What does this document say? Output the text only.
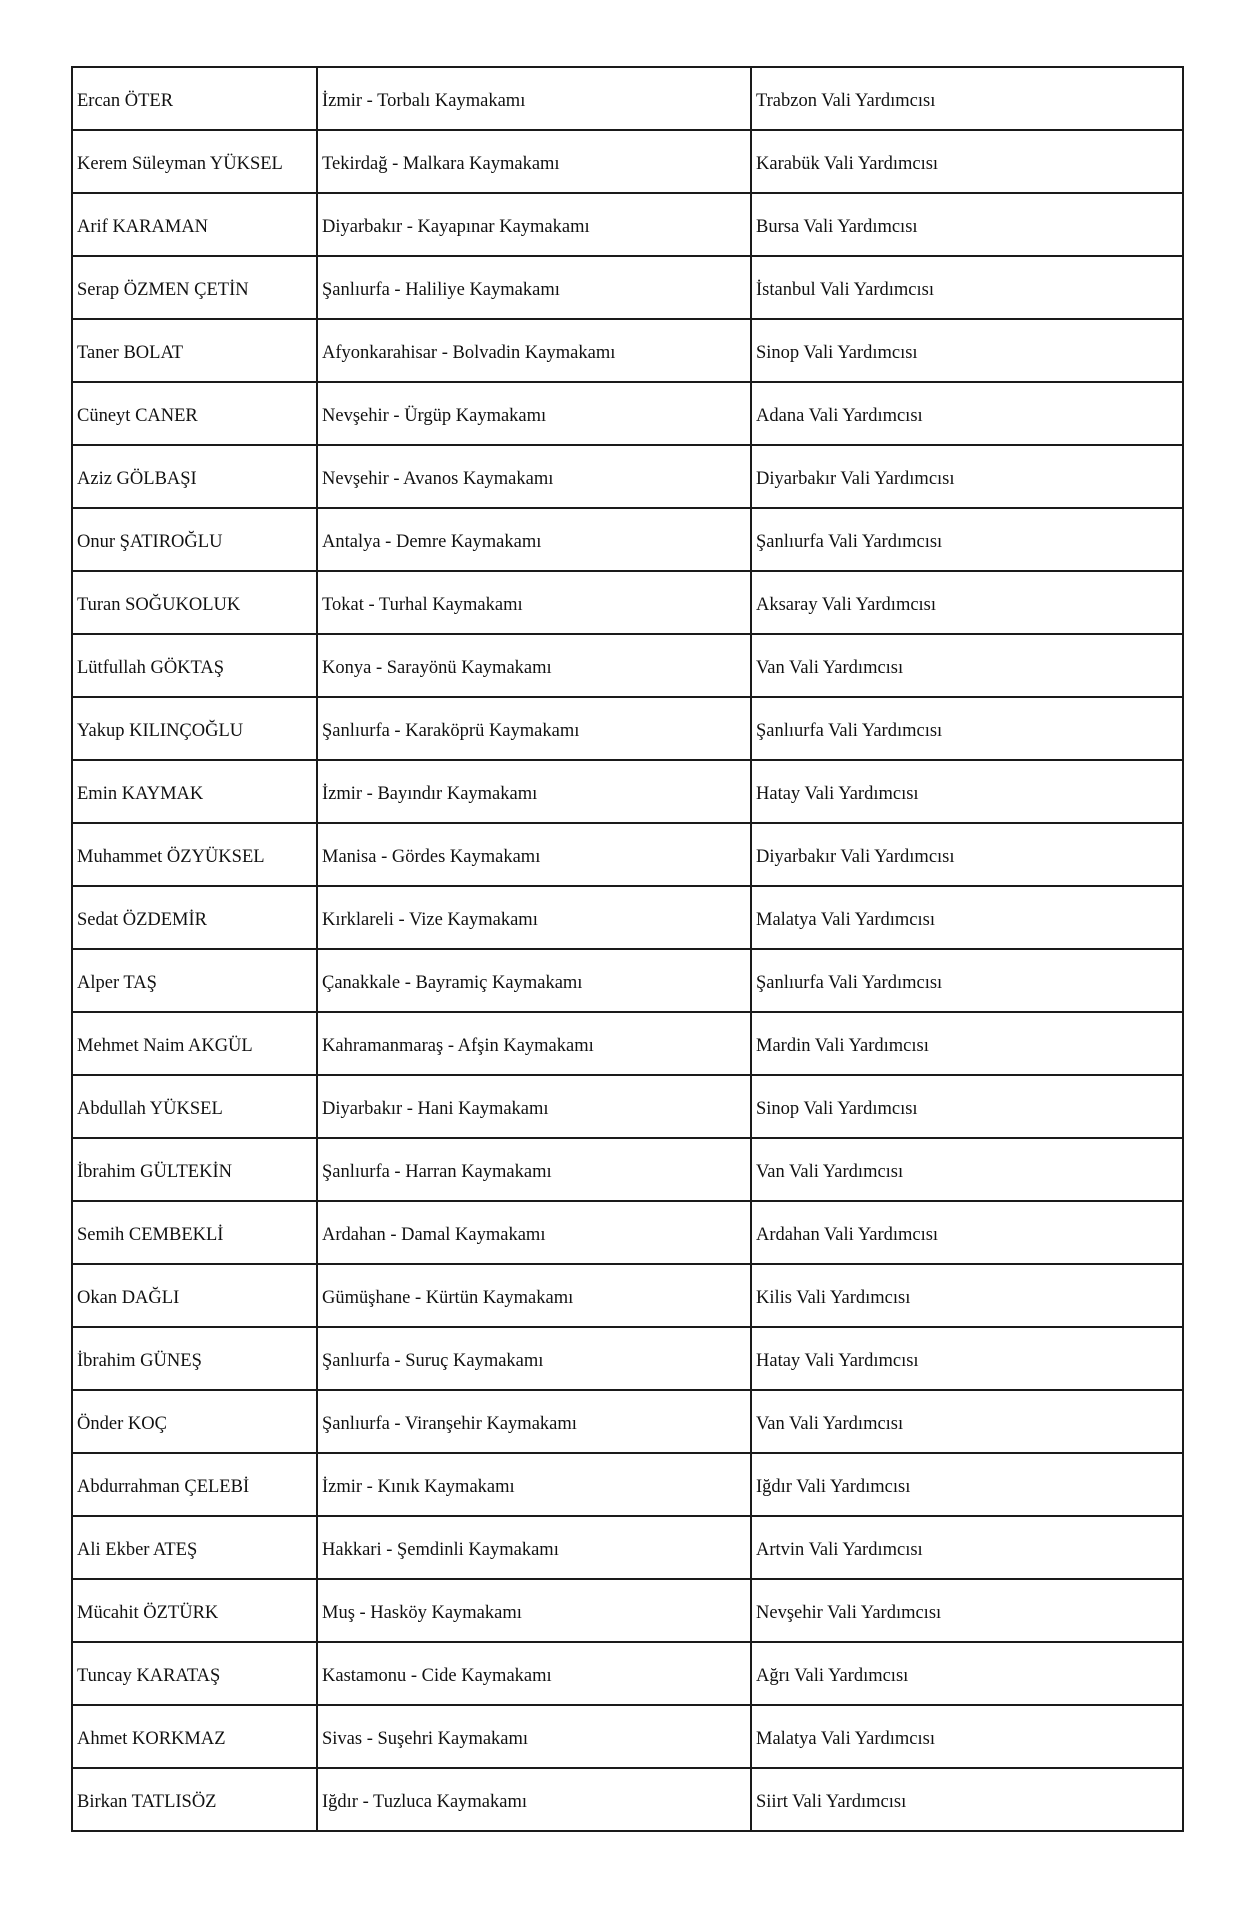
Ercan ÖTER	İzmir - Torbalı Kaymakamı	Trabzon Vali Yardımcısı
Kerem Süleyman YÜKSEL	Tekirdağ - Malkara Kaymakamı	Karabük Vali Yardımcısı
Arif KARAMAN	Diyarbakır - Kayapınar Kaymakamı	Bursa Vali Yardımcısı
Serap ÖZMEN ÇETİN	Şanlıurfa - Haliliye Kaymakamı	İstanbul Vali Yardımcısı
Taner BOLAT	Afyonkarahisar - Bolvadin Kaymakamı	Sinop Vali Yardımcısı
Cüneyt CANER	Nevşehir - Ürgüp Kaymakamı	Adana Vali Yardımcısı
Aziz GÖLBAŞI	Nevşehir - Avanos Kaymakamı	Diyarbakır Vali Yardımcısı
Onur ŞATIROĞLU	Antalya - Demre Kaymakamı	Şanlıurfa Vali Yardımcısı
Turan SOĞUKOLUK	Tokat - Turhal Kaymakamı	Aksaray Vali Yardımcısı
Lütfullah GÖKTAŞ	Konya - Sarayönü Kaymakamı	Van Vali Yardımcısı
Yakup KILINÇOĞLU	Şanlıurfa - Karaköprü Kaymakamı	Şanlıurfa Vali Yardımcısı
Emin KAYMAK	İzmir - Bayındır Kaymakamı	Hatay Vali Yardımcısı
Muhammet ÖZYÜKSEL	Manisa - Gördes Kaymakamı	Diyarbakır Vali Yardımcısı
Sedat ÖZDEMİR	Kırklareli - Vize Kaymakamı	Malatya Vali Yardımcısı
Alper TAŞ	Çanakkale - Bayramiç Kaymakamı	Şanlıurfa Vali Yardımcısı
Mehmet Naim AKGÜL	Kahramanmaraş - Afşin Kaymakamı	Mardin Vali Yardımcısı
Abdullah YÜKSEL	Diyarbakır - Hani Kaymakamı	Sinop Vali Yardımcısı
İbrahim GÜLTEKİN	Şanlıurfa - Harran Kaymakamı	Van Vali Yardımcısı
Semih CEMBEKLİ	Ardahan - Damal Kaymakamı	Ardahan Vali Yardımcısı
Okan DAĞLI	Gümüşhane - Kürtün Kaymakamı	Kilis Vali Yardımcısı
İbrahim GÜNEŞ	Şanlıurfa - Suruç Kaymakamı	Hatay Vali Yardımcısı
Önder KOÇ	Şanlıurfa - Viranşehir Kaymakamı	Van Vali Yardımcısı
Abdurrahman ÇELEBİ	İzmir - Kınık Kaymakamı	Iğdır Vali Yardımcısı
Ali Ekber ATEŞ	Hakkari - Şemdinli Kaymakamı	Artvin Vali Yardımcısı
Mücahit ÖZTÜRK	Muş - Hasköy Kaymakamı	Nevşehir Vali Yardımcısı
Tuncay KARATAŞ	Kastamonu - Cide Kaymakamı	Ağrı Vali Yardımcısı
Ahmet KORKMAZ	Sivas - Suşehri Kaymakamı	Malatya Vali Yardımcısı
Birkan TATLISÖZ	Iğdır - Tuzluca Kaymakamı	Siirt Vali Yardımcısı
